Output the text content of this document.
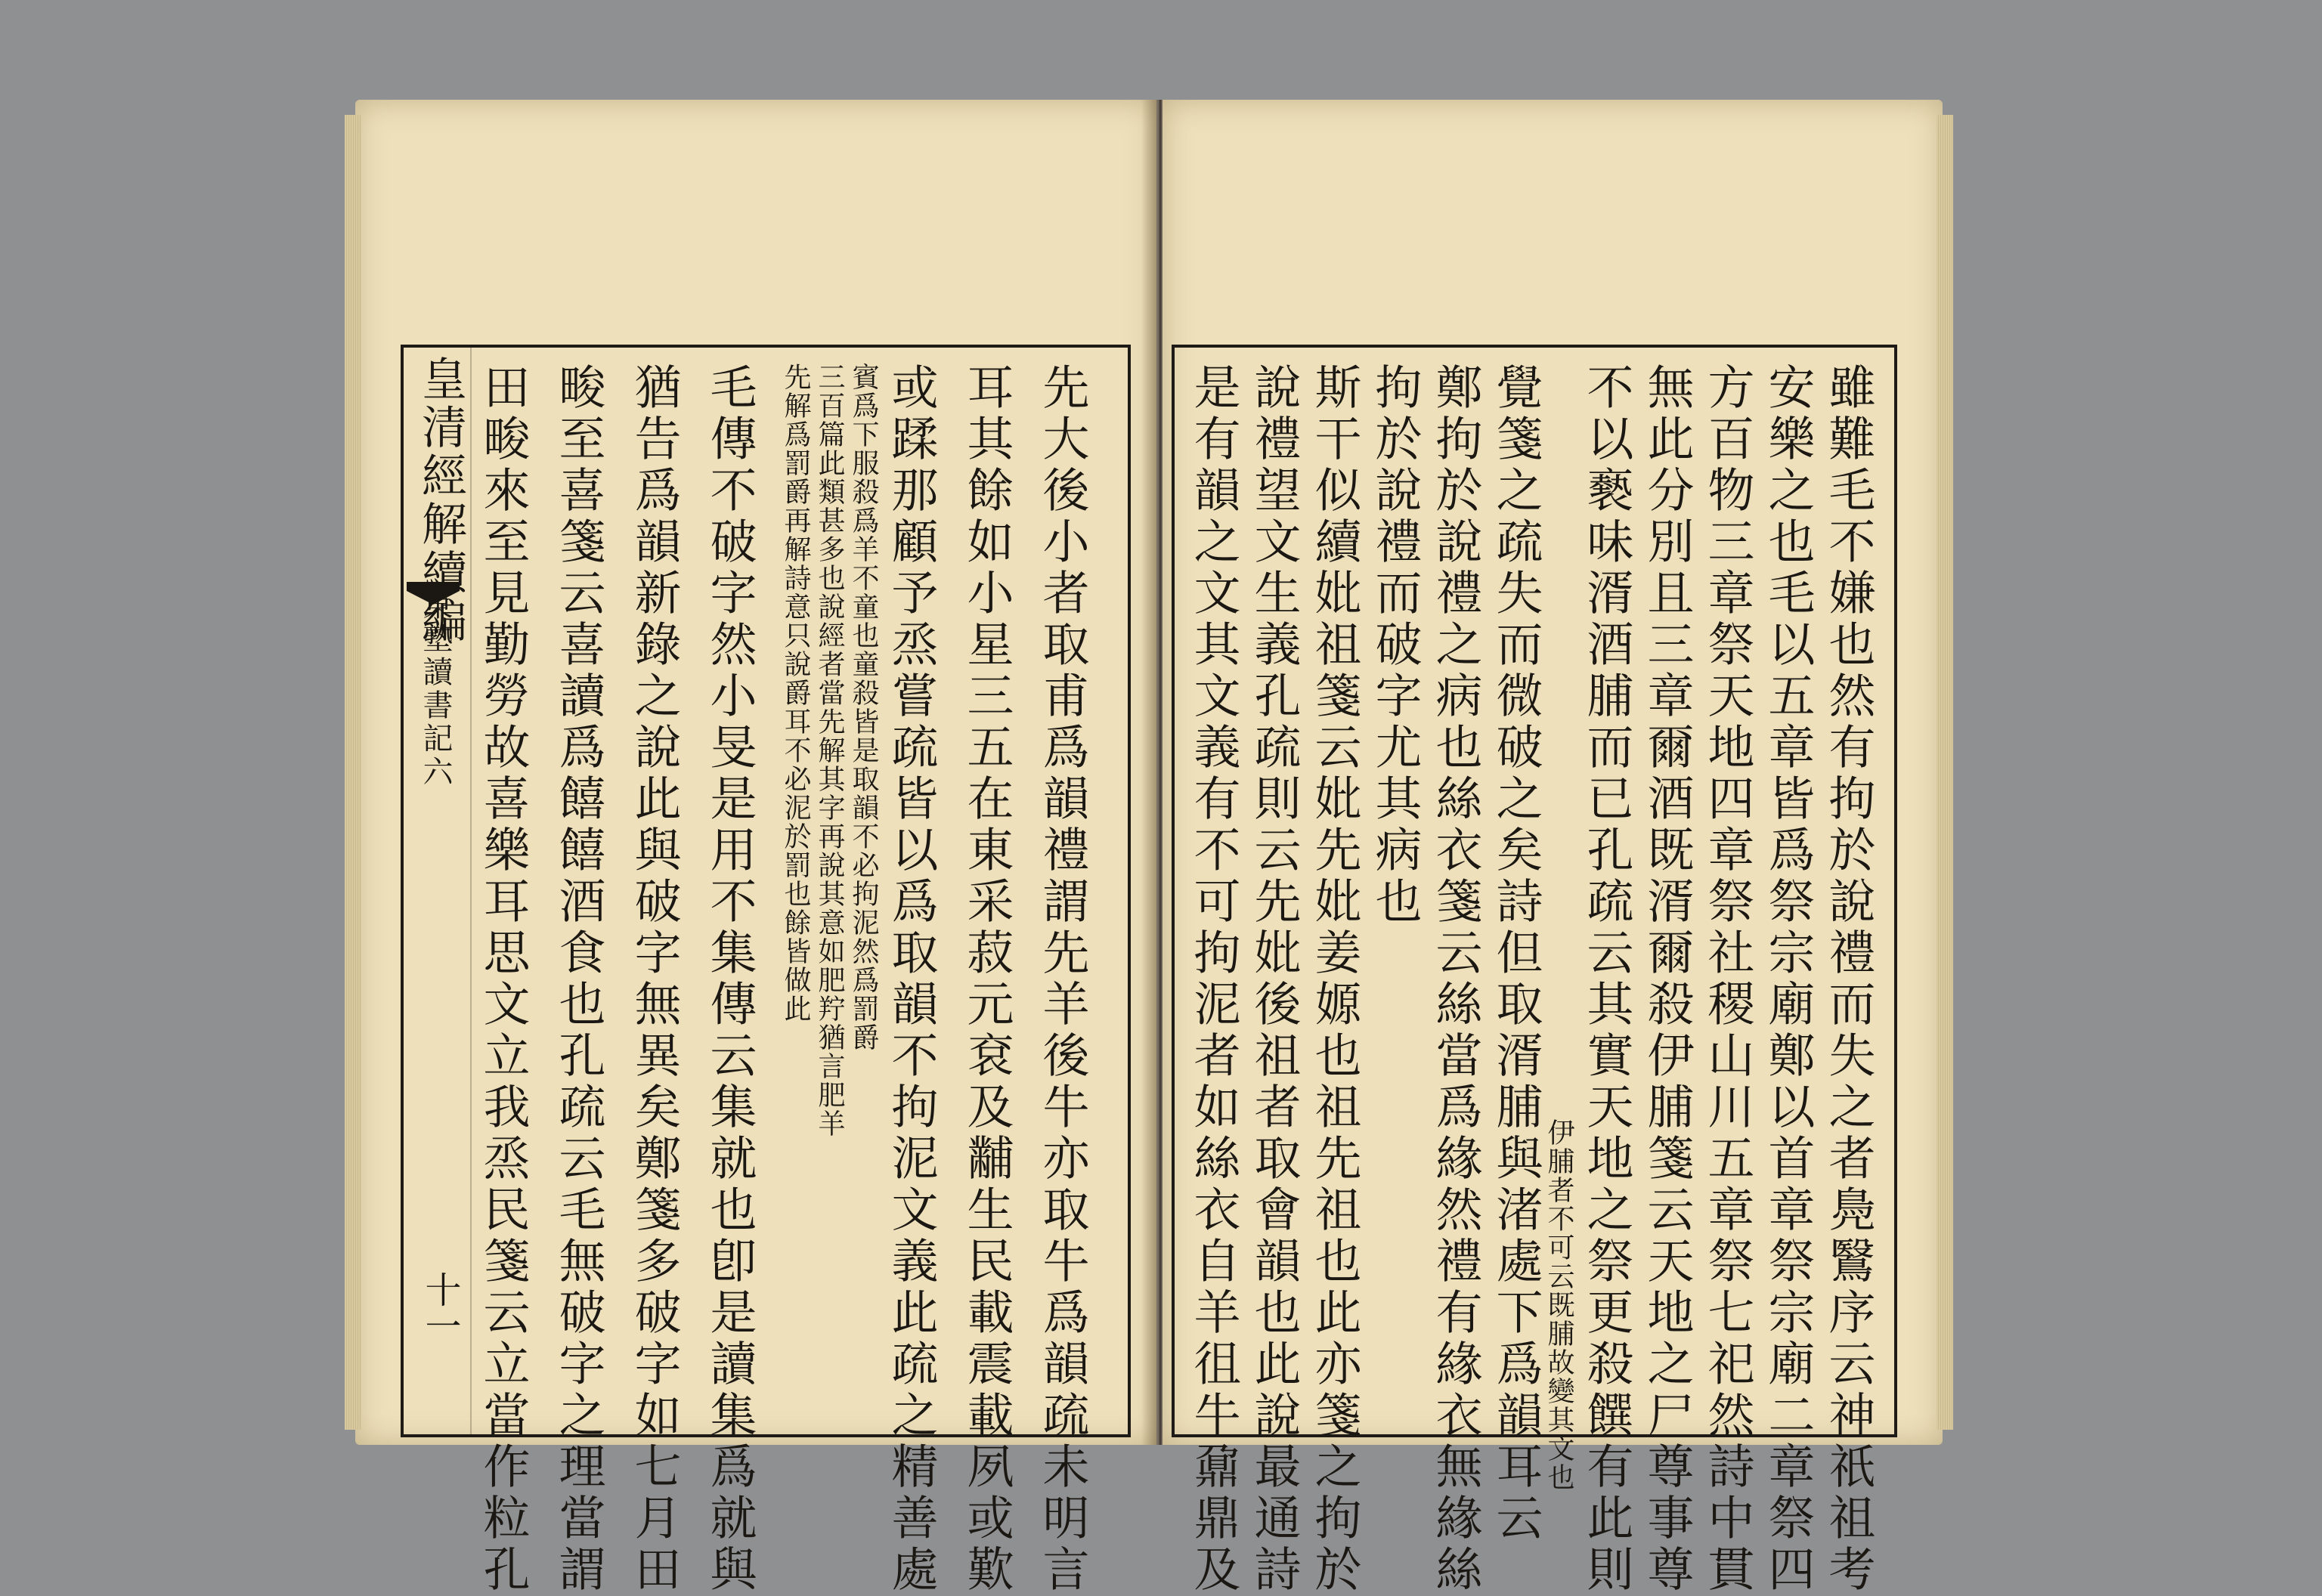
皇清經解續編
東塾讀書記六
十一 田畯來至見勤勞故喜樂耳思文立我烝民箋云立當作粒孔 畯至喜箋云喜讀爲饎饎酒食也孔疏云毛無破字之理當謂 猶告爲韻新錄之說此與破字無異矣鄭箋多破字如七月田 毛傳不破字然小旻是用不集傳云集就也卽是讀集爲就與 先解爲罰爵再解詩意只說爵耳不必泥於罰也餘皆做此 三百篇此類甚多也說經者當先解其字再說其意如肥羜猶言肥羊 賓爲下服殺爲羊不童也童殺皆是取韻不必拘泥然爲罰爵 或蹂那顧予烝嘗疏皆以爲取韻不拘泥文義此疏之精善處 耳其餘如小星三五在東采菽元袞及黼生民載震載夙或歎 先大後小者取甫爲韻禮謂先羊後牛亦取牛爲韻疏未明言 是有韻之文其文義有不可拘泥者如絲衣自羊徂牛鼐鼎及 說禮望文生義孔疏則云先妣後祖者取會韻也此說最通詩 斯干似續妣祖箋云妣先妣姜嫄也祖先祖也此亦箋之拘於 拘於說禮而破字尤其病也 鄭拘於說禮之病也絲衣箋云絲當爲緣然禮有緣衣無緣絲 覺箋之疏失而微破之矣詩但取湑脯與渚處下爲韻耳云 伊脯者不可云既脯故變其文也 不以褻味湑酒脯而已孔疏云其實天地之祭更殺饌有此則 無此分別且三章爾酒既湑爾殺伊脯箋云天地之尸尊事尊 方百物三章祭天地四章祭社稷山川五章祭七祀然詩中貫 安樂之也毛以五章皆爲祭宗廟鄭以首章祭宗廟二章祭四 雖難毛不嫌也然有拘於說禮而失之者鳧鷖序云神祇祖考
